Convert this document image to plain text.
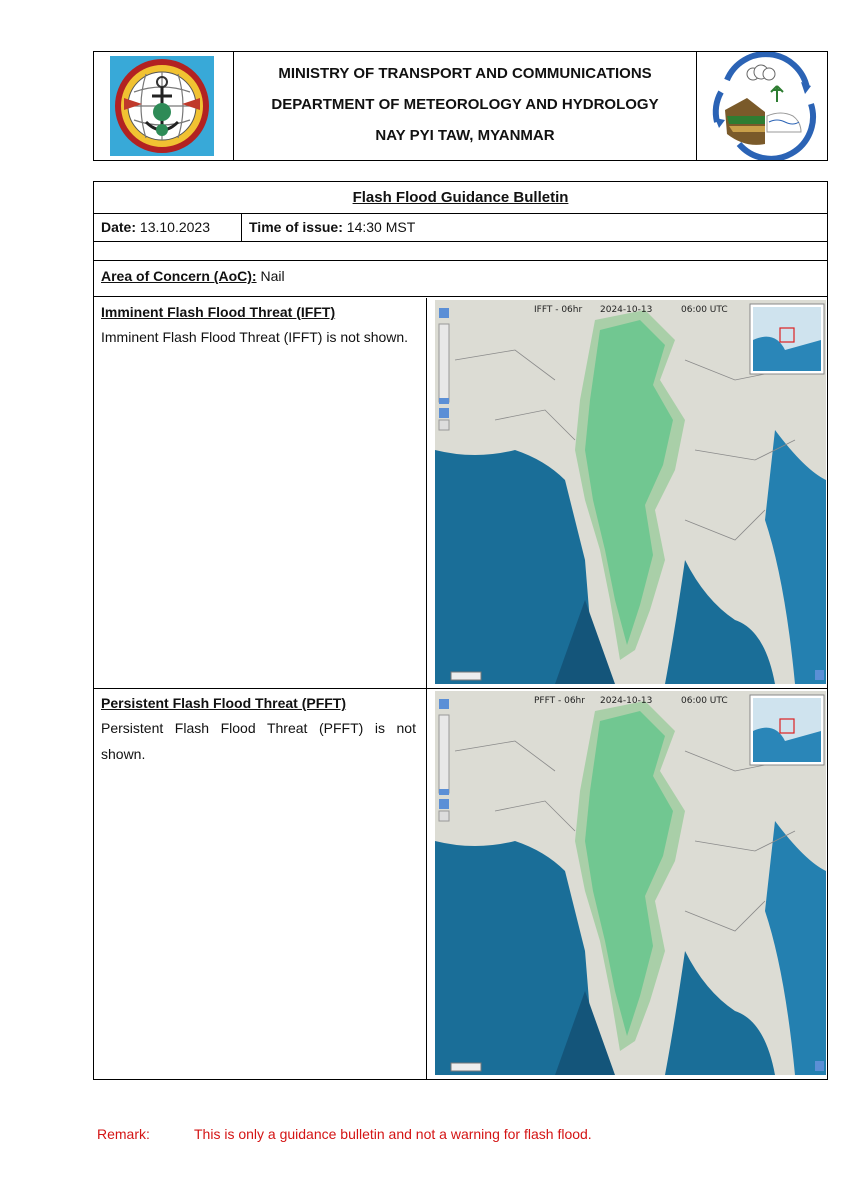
MINISTRY OF TRANSPORT AND COMMUNICATIONS
DEPARTMENT OF METEOROLOGY AND HYDROLOGY
NAY PYI TAW, MYANMAR
Flash Flood Guidance Bulletin
Date: 13.10.2023	Time of issue: 14:30 MST
Area of Concern (AoC): Nail
Imminent Flash Flood Threat (IFFT)
Imminent Flash Flood Threat (IFFT) is not shown.
IFFT - 06hr 2024-10-13	06:00 UTC
Persistent Flash Flood Threat (PFFT)
Persistent Flash Flood Threat (PFFT) is not shown.
PFFT - 06hr 2024-10-13	06:00 UTC
Remark:	This is only a guidance bulletin and not a warning for flash flood.
